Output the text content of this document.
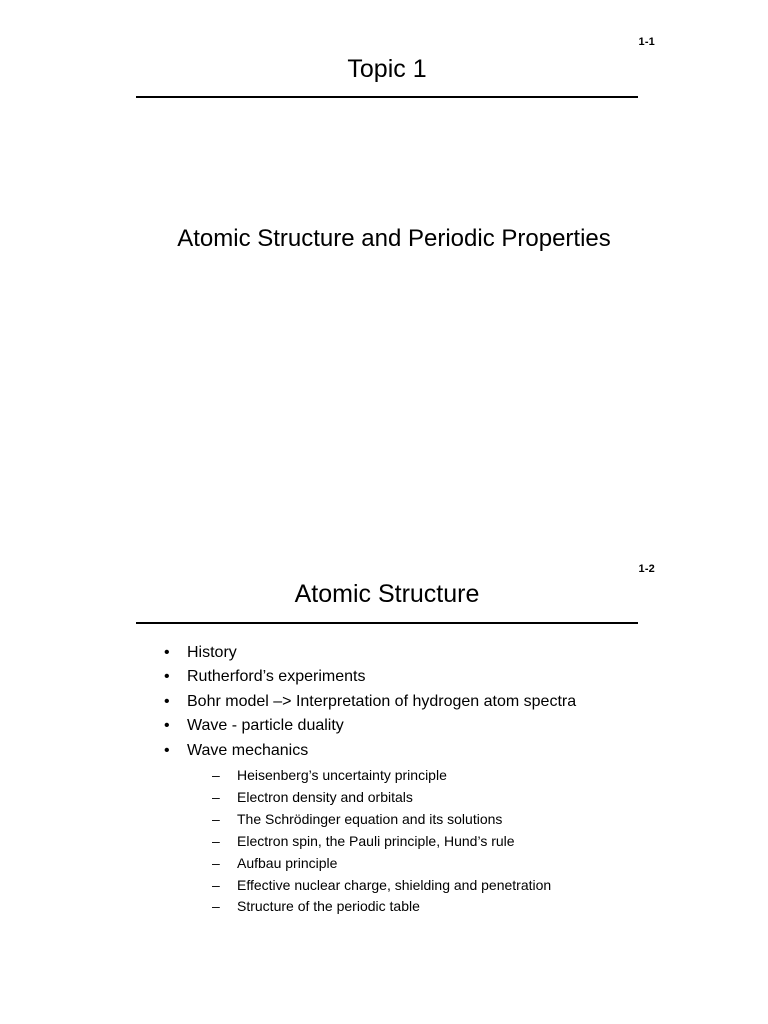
1-1
Topic 1
Atomic Structure and Periodic Properties
1-2
Atomic Structure
• History
• Rutherford’s experiments
• Bohr model –> Interpretation of hydrogen atom spectra
• Wave - particle duality
• Wave mechanics
– Heisenberg’s uncertainty principle
– Electron density and orbitals
– The Schrödinger equation and its solutions
– Electron spin, the Pauli principle, Hund’s rule
– Aufbau principle
– Effective nuclear charge, shielding and penetration
– Structure of the periodic table
